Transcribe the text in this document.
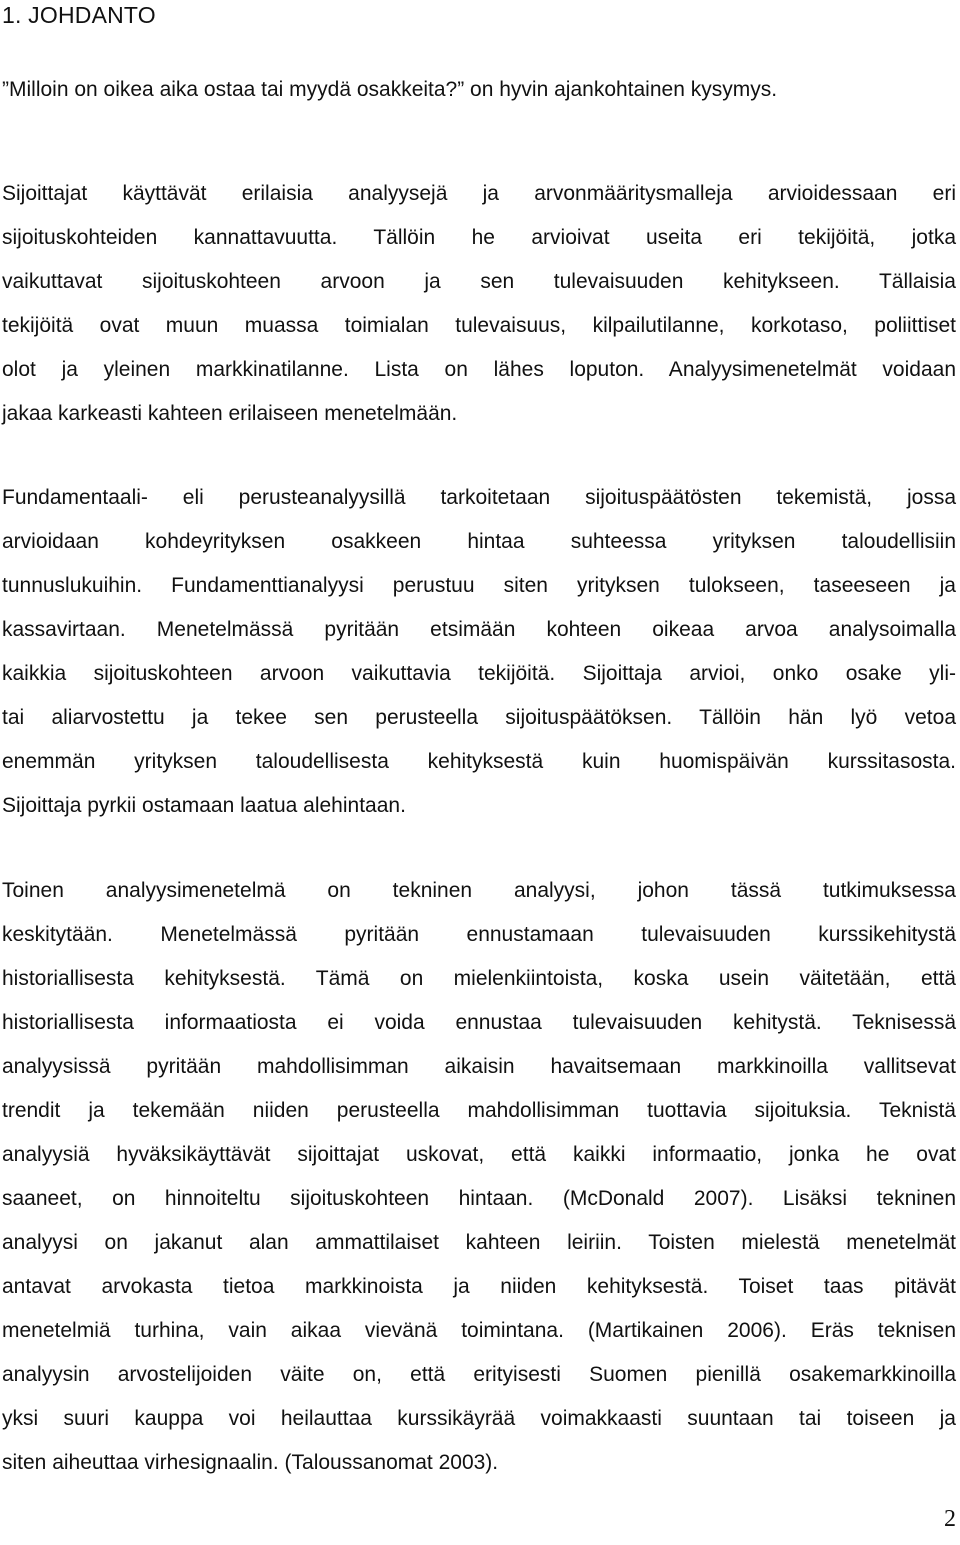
1. JOHDANTO
”Milloin on oikea aika ostaa tai myydä osakkeita?” on hyvin ajankohtainen kysymys.
Sijoittajat käyttävät erilaisia analyysejä ja arvonmääritysmalleja arvioidessaan eri
sijoituskohteiden kannattavuutta. Tällöin he arvioivat useita eri tekijöitä, jotka
vaikuttavat sijoituskohteen arvoon ja sen tulevaisuuden kehitykseen. Tällaisia
tekijöitä ovat muun muassa toimialan tulevaisuus, kilpailutilanne, korkotaso, poliittiset
olot ja yleinen markkinatilanne. Lista on lähes loputon. Analyysimenetelmät voidaan
jakaa karkeasti kahteen erilaiseen menetelmään.
Fundamentaali- eli perusteanalyysillä tarkoitetaan sijoituspäätösten tekemistä, jossa
arvioidaan kohdeyrityksen osakkeen hintaa suhteessa yrityksen taloudellisiin
tunnuslukuihin. Fundamenttianalyysi perustuu siten yrityksen tulokseen, taseeseen ja
kassavirtaan. Menetelmässä pyritään etsimään kohteen oikeaa arvoa analysoimalla
kaikkia sijoituskohteen arvoon vaikuttavia tekijöitä. Sijoittaja arvioi, onko osake yli-
tai aliarvostettu ja tekee sen perusteella sijoituspäätöksen. Tällöin hän lyö vetoa
enemmän yrityksen taloudellisesta kehityksestä kuin huomispäivän kurssitasosta.
Sijoittaja pyrkii ostamaan laatua alehintaan.
Toinen analyysimenetelmä on tekninen analyysi, johon tässä tutkimuksessa
keskitytään. Menetelmässä pyritään ennustamaan tulevaisuuden kurssikehitystä
historiallisesta kehityksestä. Tämä on mielenkiintoista, koska usein väitetään, että
historiallisesta informaatiosta ei voida ennustaa tulevaisuuden kehitystä. Teknisessä
analyysissä pyritään mahdollisimman aikaisin havaitsemaan markkinoilla vallitsevat
trendit ja tekemään niiden perusteella mahdollisimman tuottavia sijoituksia. Teknistä
analyysiä hyväksikäyttävät sijoittajat uskovat, että kaikki informaatio, jonka he ovat
saaneet, on hinnoiteltu sijoituskohteen hintaan. (McDonald 2007). Lisäksi tekninen
analyysi on jakanut alan ammattilaiset kahteen leiriin. Toisten mielestä menetelmät
antavat arvokasta tietoa markkinoista ja niiden kehityksestä. Toiset taas pitävät
menetelmiä turhina, vain aikaa vievänä toimintana. (Martikainen 2006). Eräs teknisen
analyysin arvostelijoiden väite on, että erityisesti Suomen pienillä osakemarkkinoilla
yksi suuri kauppa voi heilauttaa kurssikäyrää voimakkaasti suuntaan tai toiseen ja
siten aiheuttaa virhesignaalin. (Taloussanomat 2003).
2
